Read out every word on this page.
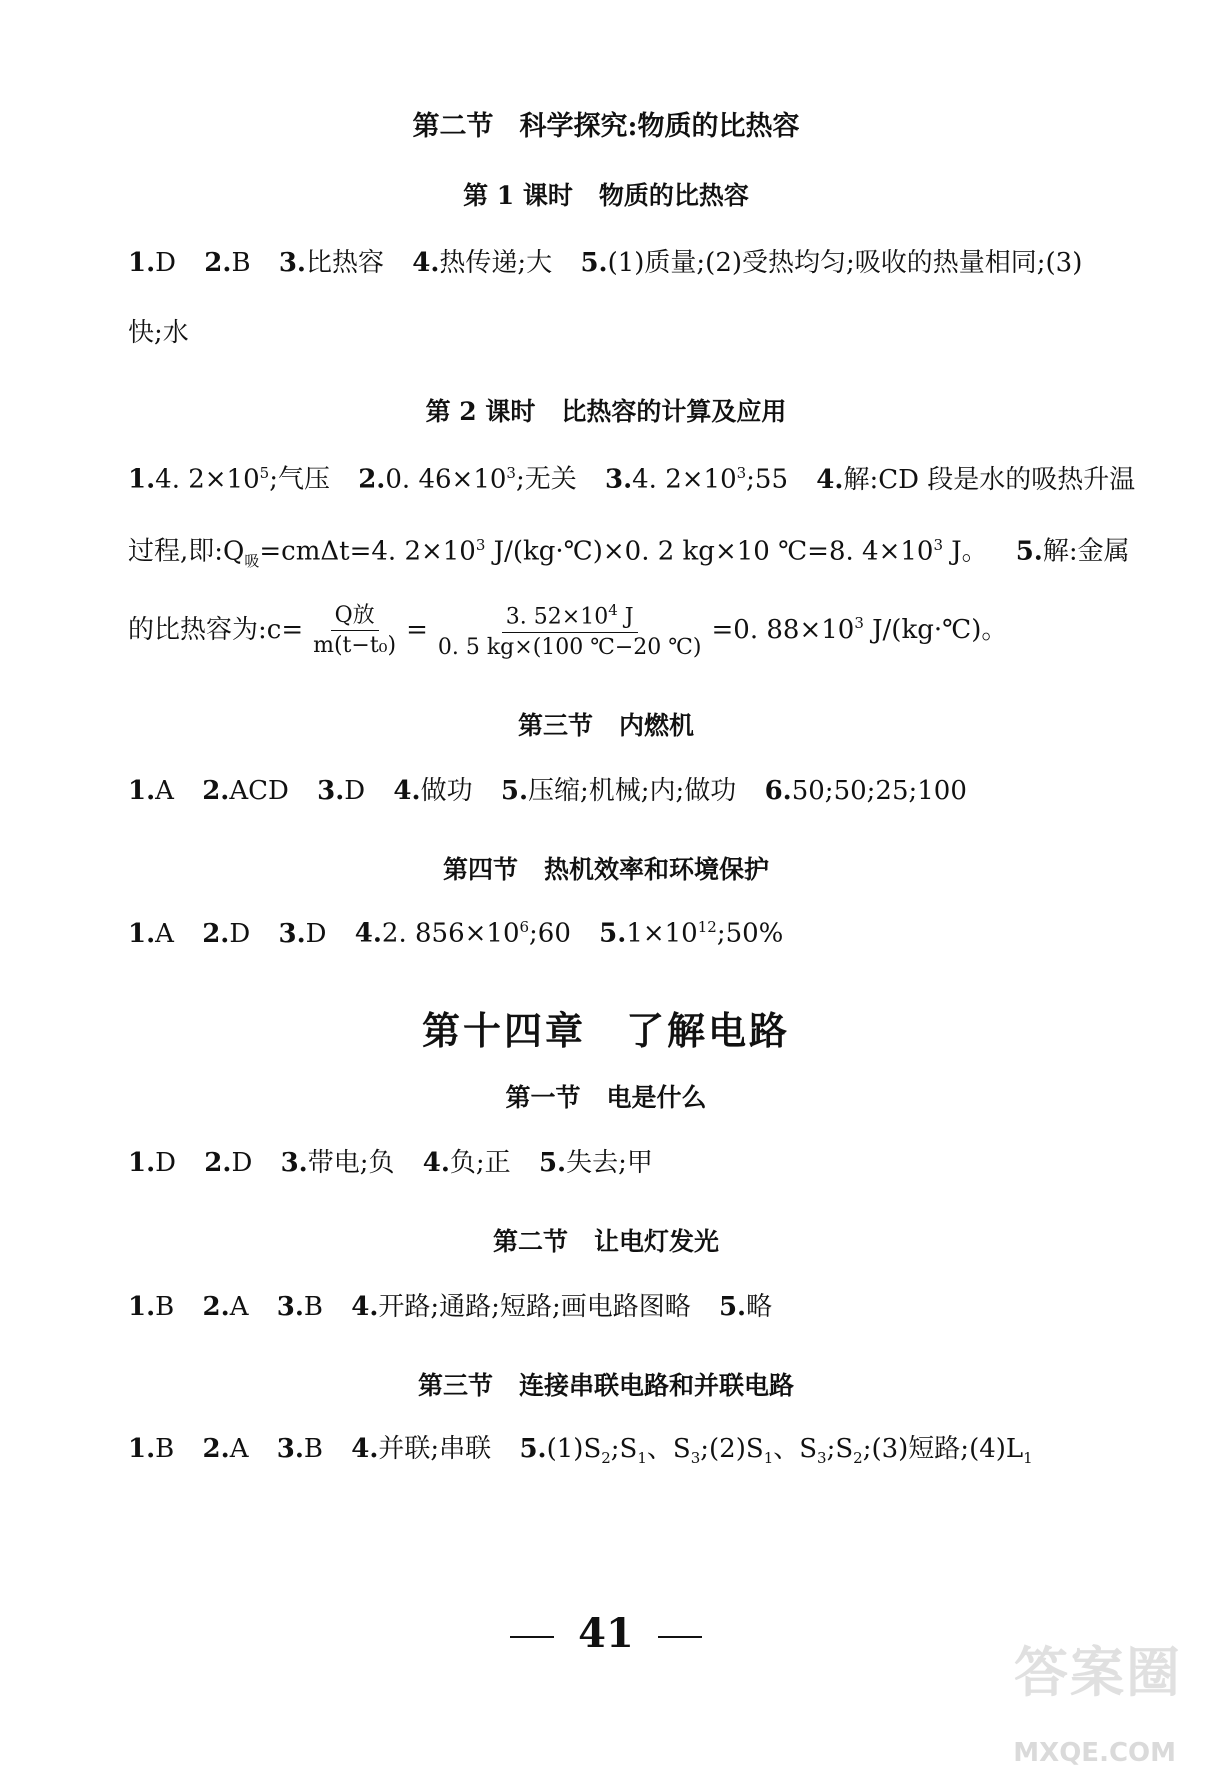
第二节 科学探究:物质的比热容
第 1 课时 物质的比热容
1.D 2.B 3.比热容 4.热传递;大 5.(1)质量;(2)受热均匀;吸收的热量相同;(3)
快;水
第 2 课时 比热容的计算及应用
1.4. $2\times 10^5$;气压 2.0. $46\times 10^3$;无关 3.4. $2\times 10^3;55$ 4.解:CD 段是水的吸热升温
过程,即$:Q_吸=cm\Delta t=4$. $2\times 10^3$ J/(kg·℃)×0. 2 kg×10 ℃=8. $4\times 10^3$ J。 5.解:金属
的比热容为:c= $\frac{\text{Q放}}{\text{m(t−t₀)}} = \frac{3. 52\times 10^4 J}{0. 5 kg\times(100 ℃-20 ℃)} =0$. $88\times 10^3$ J/(kg·℃)。
第三节 内燃机
1.A 2.ACD 3.D 4.做功 5.压缩;机械;内;做功 6.50;50;25;100
第四节 热机效率和环境保护
1.A 2.D 3.D 4.2. $856\times 10^6;60$ $5.1\times 10^{12};50\%$
第十四章 了解电路
第一节 电是什么
1.D 2.D 3.带电;负 4.负;正 5.失去;甲
第二节 让电灯发光
1.B 2.A 3.B 4.开路;通路;短路;画电路图略 5.略
第三节 连接串联电路和并联电路
1.B 2.A 3.B 4.并联;串联 $5.(1)S_2;S_1$、$S_3;(2)S_1$、$S_3;S_2;(3)$短路$;(4)L_1$
41
答案圈
MXQE.COM
